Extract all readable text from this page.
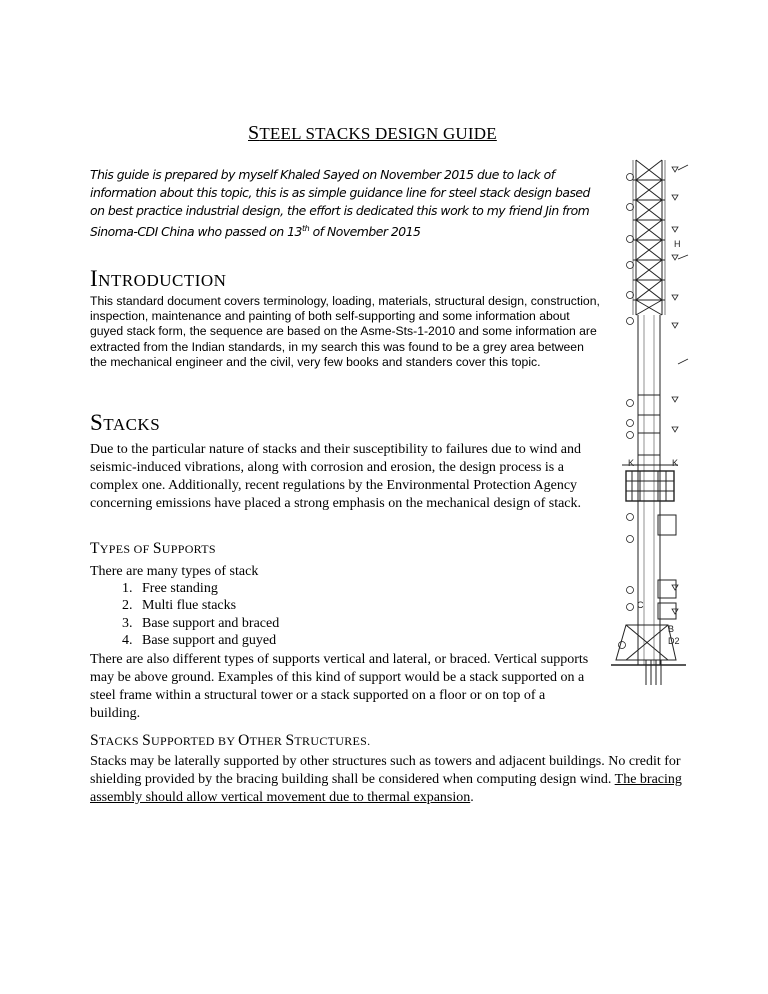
STEEL STACKS DESIGN GUIDE
This guide is prepared by myself Khaled Sayed on November 2015 due to lack of information about this topic, this is as simple guidance line for steel stack design based on best practice industrial design, the effort is dedicated this work to my friend Jin from Sinoma-CDI China who passed on 13th of November 2015
INTRODUCTION
This standard document covers terminology, loading, materials, structural design, construction, inspection, maintenance and painting of both self-supporting and some information about guyed stack form, the sequence are based on the Asme-Sts-1-2010 and some information are extracted from the Indian standards, in my search this was found to be a grey area between the mechanical engineer and the civil, very few books and standers cover this topic.
STACKS
Due to the particular nature of stacks and their susceptibility to failures due to wind and seismic-induced vibrations, along with corrosion and erosion, the design process is a complex one. Additionally, recent regulations by the Environmental Protection Agency concerning emissions have placed a strong emphasis on the mechanical design of stack.
TYPES OF SUPPORTS
There are many types of stack
1. Free standing
2. Multi flue stacks
3. Base support and braced
4. Base support and guyed
There are also different types of supports vertical and lateral, or braced. Vertical supports may be above ground. Examples of this kind of support would be a stack supported on a steel frame within a structural tower or a stack supported on a floor or on top of a building.
STACKS SUPPORTED BY OTHER STRUCTURES.
Stacks may be laterally supported by other structures such as towers and adjacent buildings. No credit for shielding provided by the bracing building shall be considered when computing design wind. The bracing assembly should allow vertical movement due to thermal expansion.
H
K	K
D2
B
C
